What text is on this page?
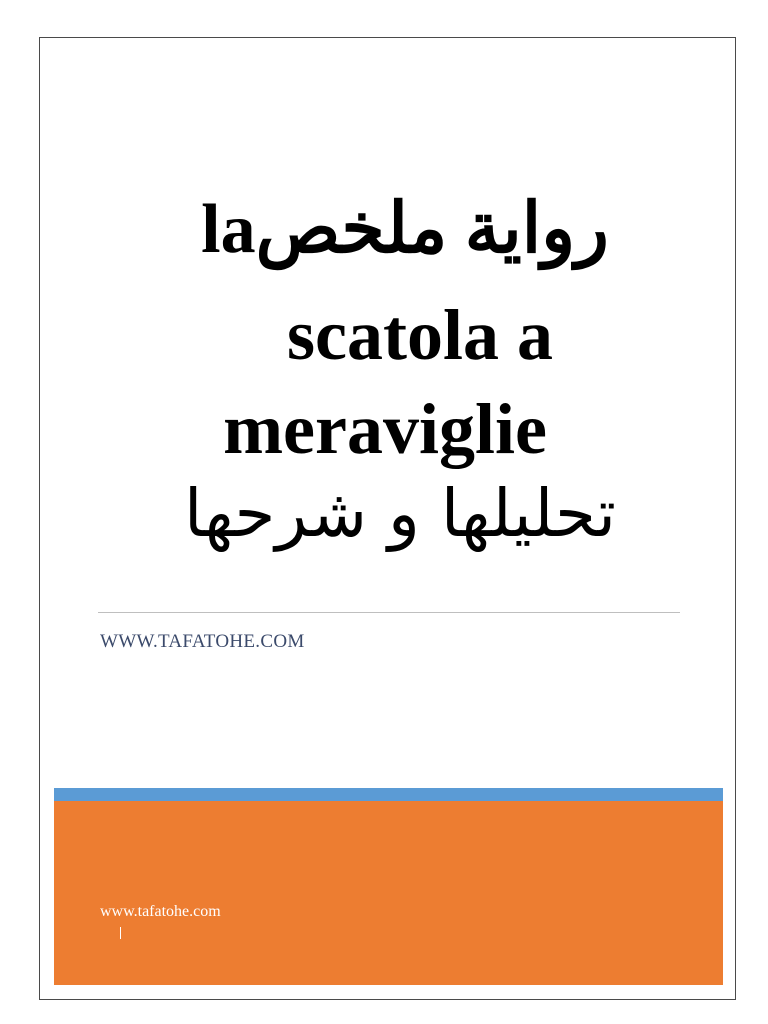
رواية ملخصla
scatola a
meraviglie
تحليلها و شرحها
WWW.TAFATOHE.COM
www.tafatohe.com
